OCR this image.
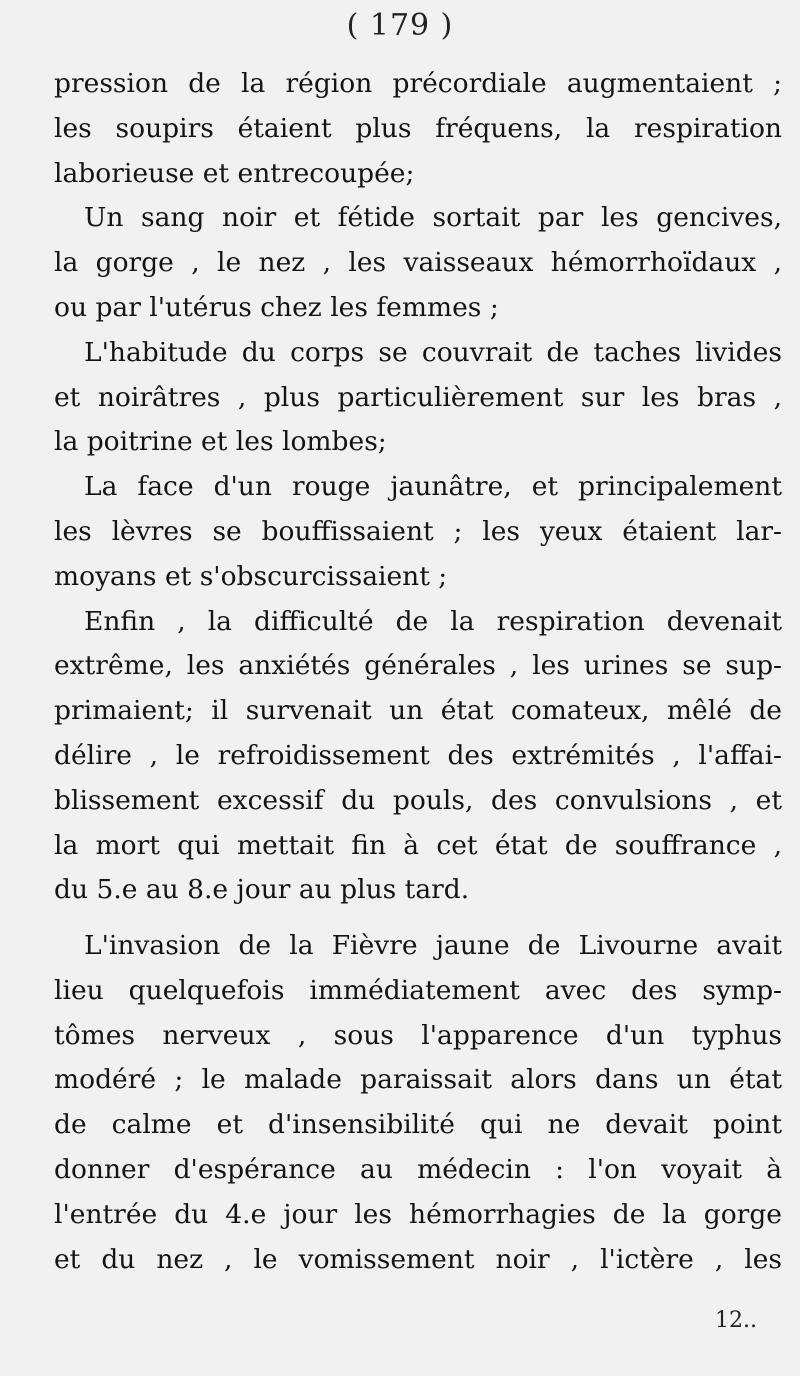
( 179 )
pression de la région précordiale augmentaient ;
les soupirs étaient plus fréquens, la respiration
laborieuse et entrecoupée;
Un sang noir et fétide sortait par les gencives,
la gorge , le nez , les vaisseaux hémorrhoïdaux ,
ou par l'utérus chez les femmes ;
L'habitude du corps se couvrait de taches livides
et noirâtres , plus particulièrement sur les bras ,
la poitrine et les lombes;
La face d'un rouge jaunâtre, et principalement
les lèvres se bouffissaient ; les yeux étaient lar-
moyans et s'obscurcissaient ;
Enfin , la difficulté de la respiration devenait
extrême, les anxiétés générales , les urines se sup-
primaient; il survenait un état comateux, mêlé de
délire , le refroidissement des extrémités , l'affai-
blissement excessif du pouls, des convulsions , et
la mort qui mettait fin à cet état de souffrance ,
du 5.e au 8.e jour au plus tard.
L'invasion de la Fièvre jaune de Livourne avait
lieu quelquefois immédiatement avec des symp-
tômes nerveux , sous l'apparence d'un typhus
modéré ; le malade paraissait alors dans un état
de calme et d'insensibilité qui ne devait point
donner d'espérance au médecin : l'on voyait à
l'entrée du 4.e jour les hémorrhagies de la gorge
et du nez , le vomissement noir , l'ictère , les
12..
